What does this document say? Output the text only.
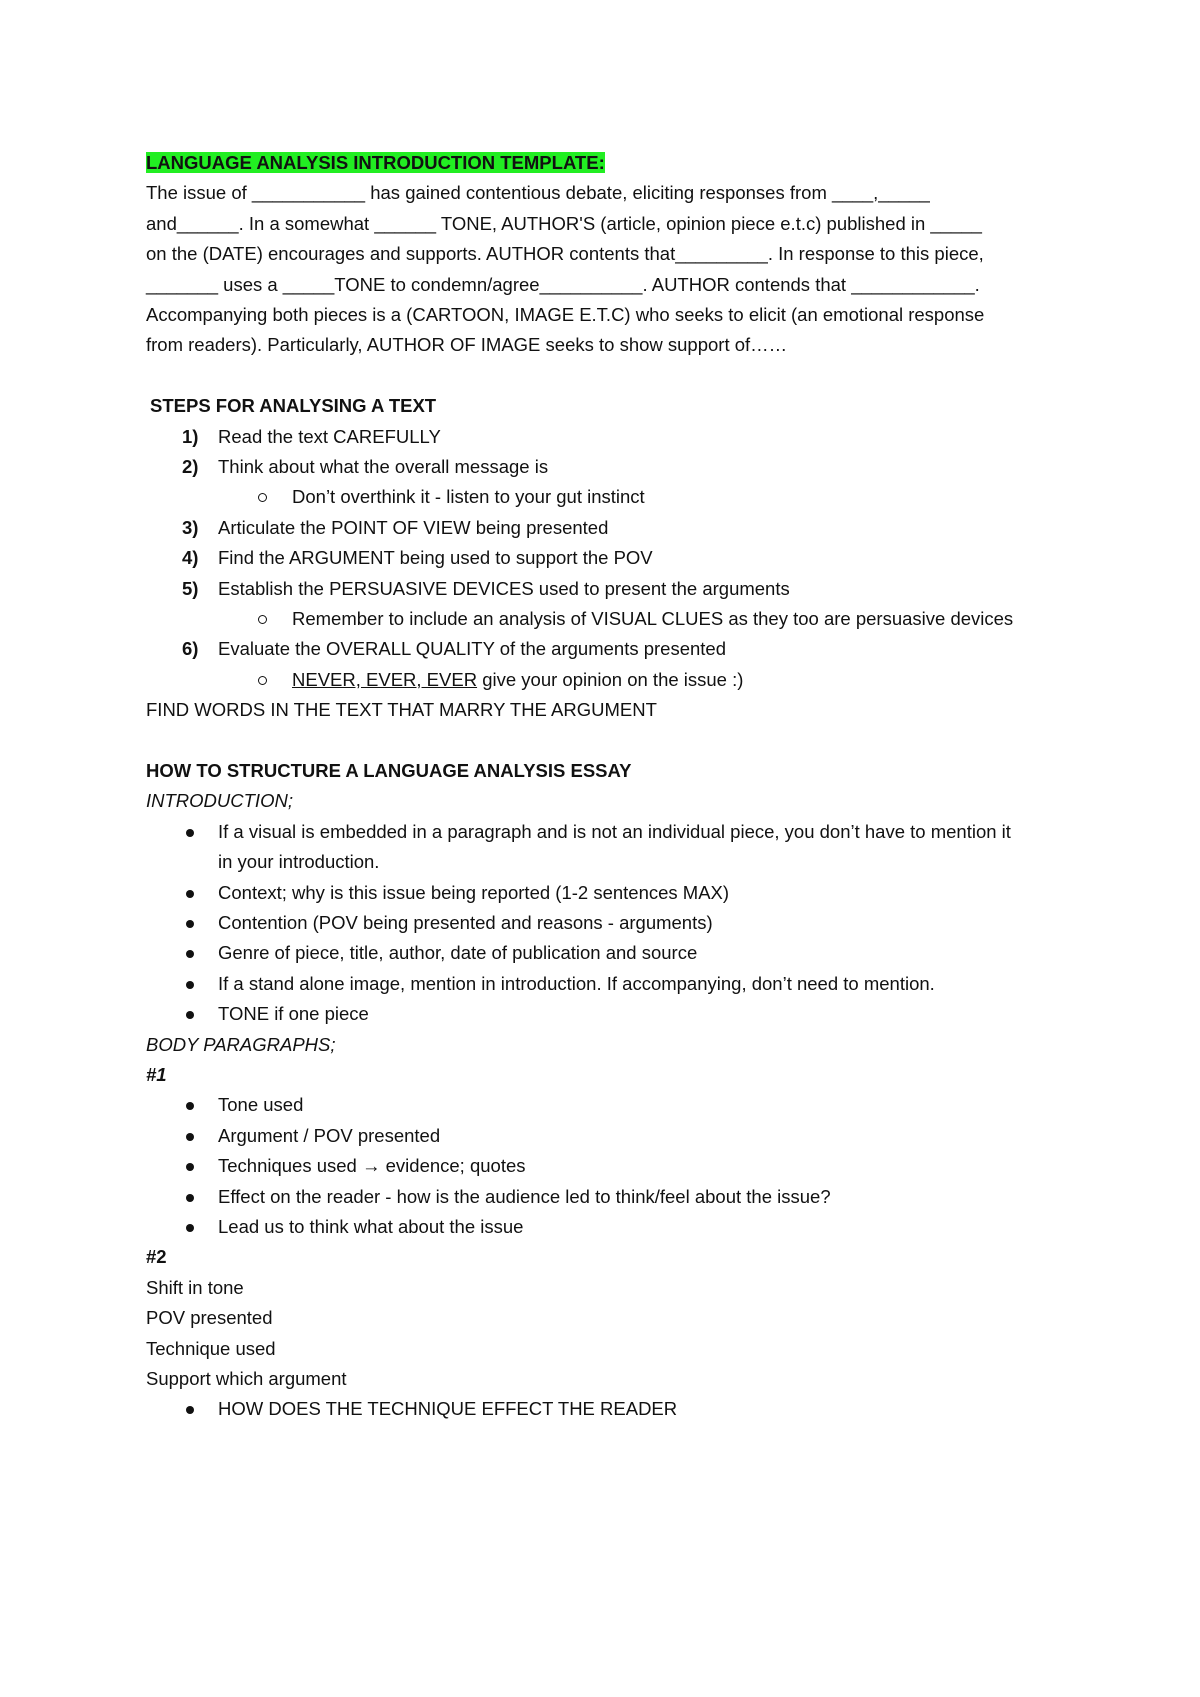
LANGUAGE ANALYSIS INTRODUCTION TEMPLATE:
The issue of ___________ has gained contentious debate, eliciting responses from ____,_____
and______. In a somewhat ______ TONE, AUTHOR'S (article, opinion piece e.t.c) published in _____
on the (DATE) encourages and supports. AUTHOR contents that_________. In response to this piece,
_______ uses a _____TONE to condemn/agree__________. AUTHOR contends that ____________.
Accompanying both pieces is a (CARTOON, IMAGE E.T.C) who seeks to elicit (an emotional response
from readers). Particularly, AUTHOR OF IMAGE seeks to show support of……
STEPS FOR ANALYSING A TEXT
1)	Read the text CAREFULLY
2)	Think about what the overall message is
Don’t overthink it - listen to your gut instinct
3)	Articulate the POINT OF VIEW being presented
4)	Find the ARGUMENT being used to support the POV
5)	Establish the PERSUASIVE DEVICES used to present the arguments
Remember to include an analysis of VISUAL CLUES as they too are persuasive devices
6)	Evaluate the OVERALL QUALITY of the arguments presented
NEVER, EVER, EVER give your opinion on the issue :)
FIND WORDS IN THE TEXT THAT MARRY THE ARGUMENT
HOW TO STRUCTURE A LANGUAGE ANALYSIS ESSAY
INTRODUCTION;
If a visual is embedded in a paragraph and is not an individual piece, you don’t have to mention it in your introduction.
Context; why is this issue being reported (1-2 sentences MAX)
Contention (POV being presented and reasons - arguments)
Genre of piece, title, author, date of publication and source
If a stand alone image, mention in introduction. If accompanying, don’t need to mention.
TONE if one piece
BODY PARAGRAPHS;
#1
Tone used
Argument / POV presented
Techniques used → evidence; quotes
Effect on the reader - how is the audience led to think/feel about the issue?
Lead us to think what about the issue
#2
Shift in tone
POV presented
Technique used
Support which argument
HOW DOES THE TECHNIQUE EFFECT THE READER
